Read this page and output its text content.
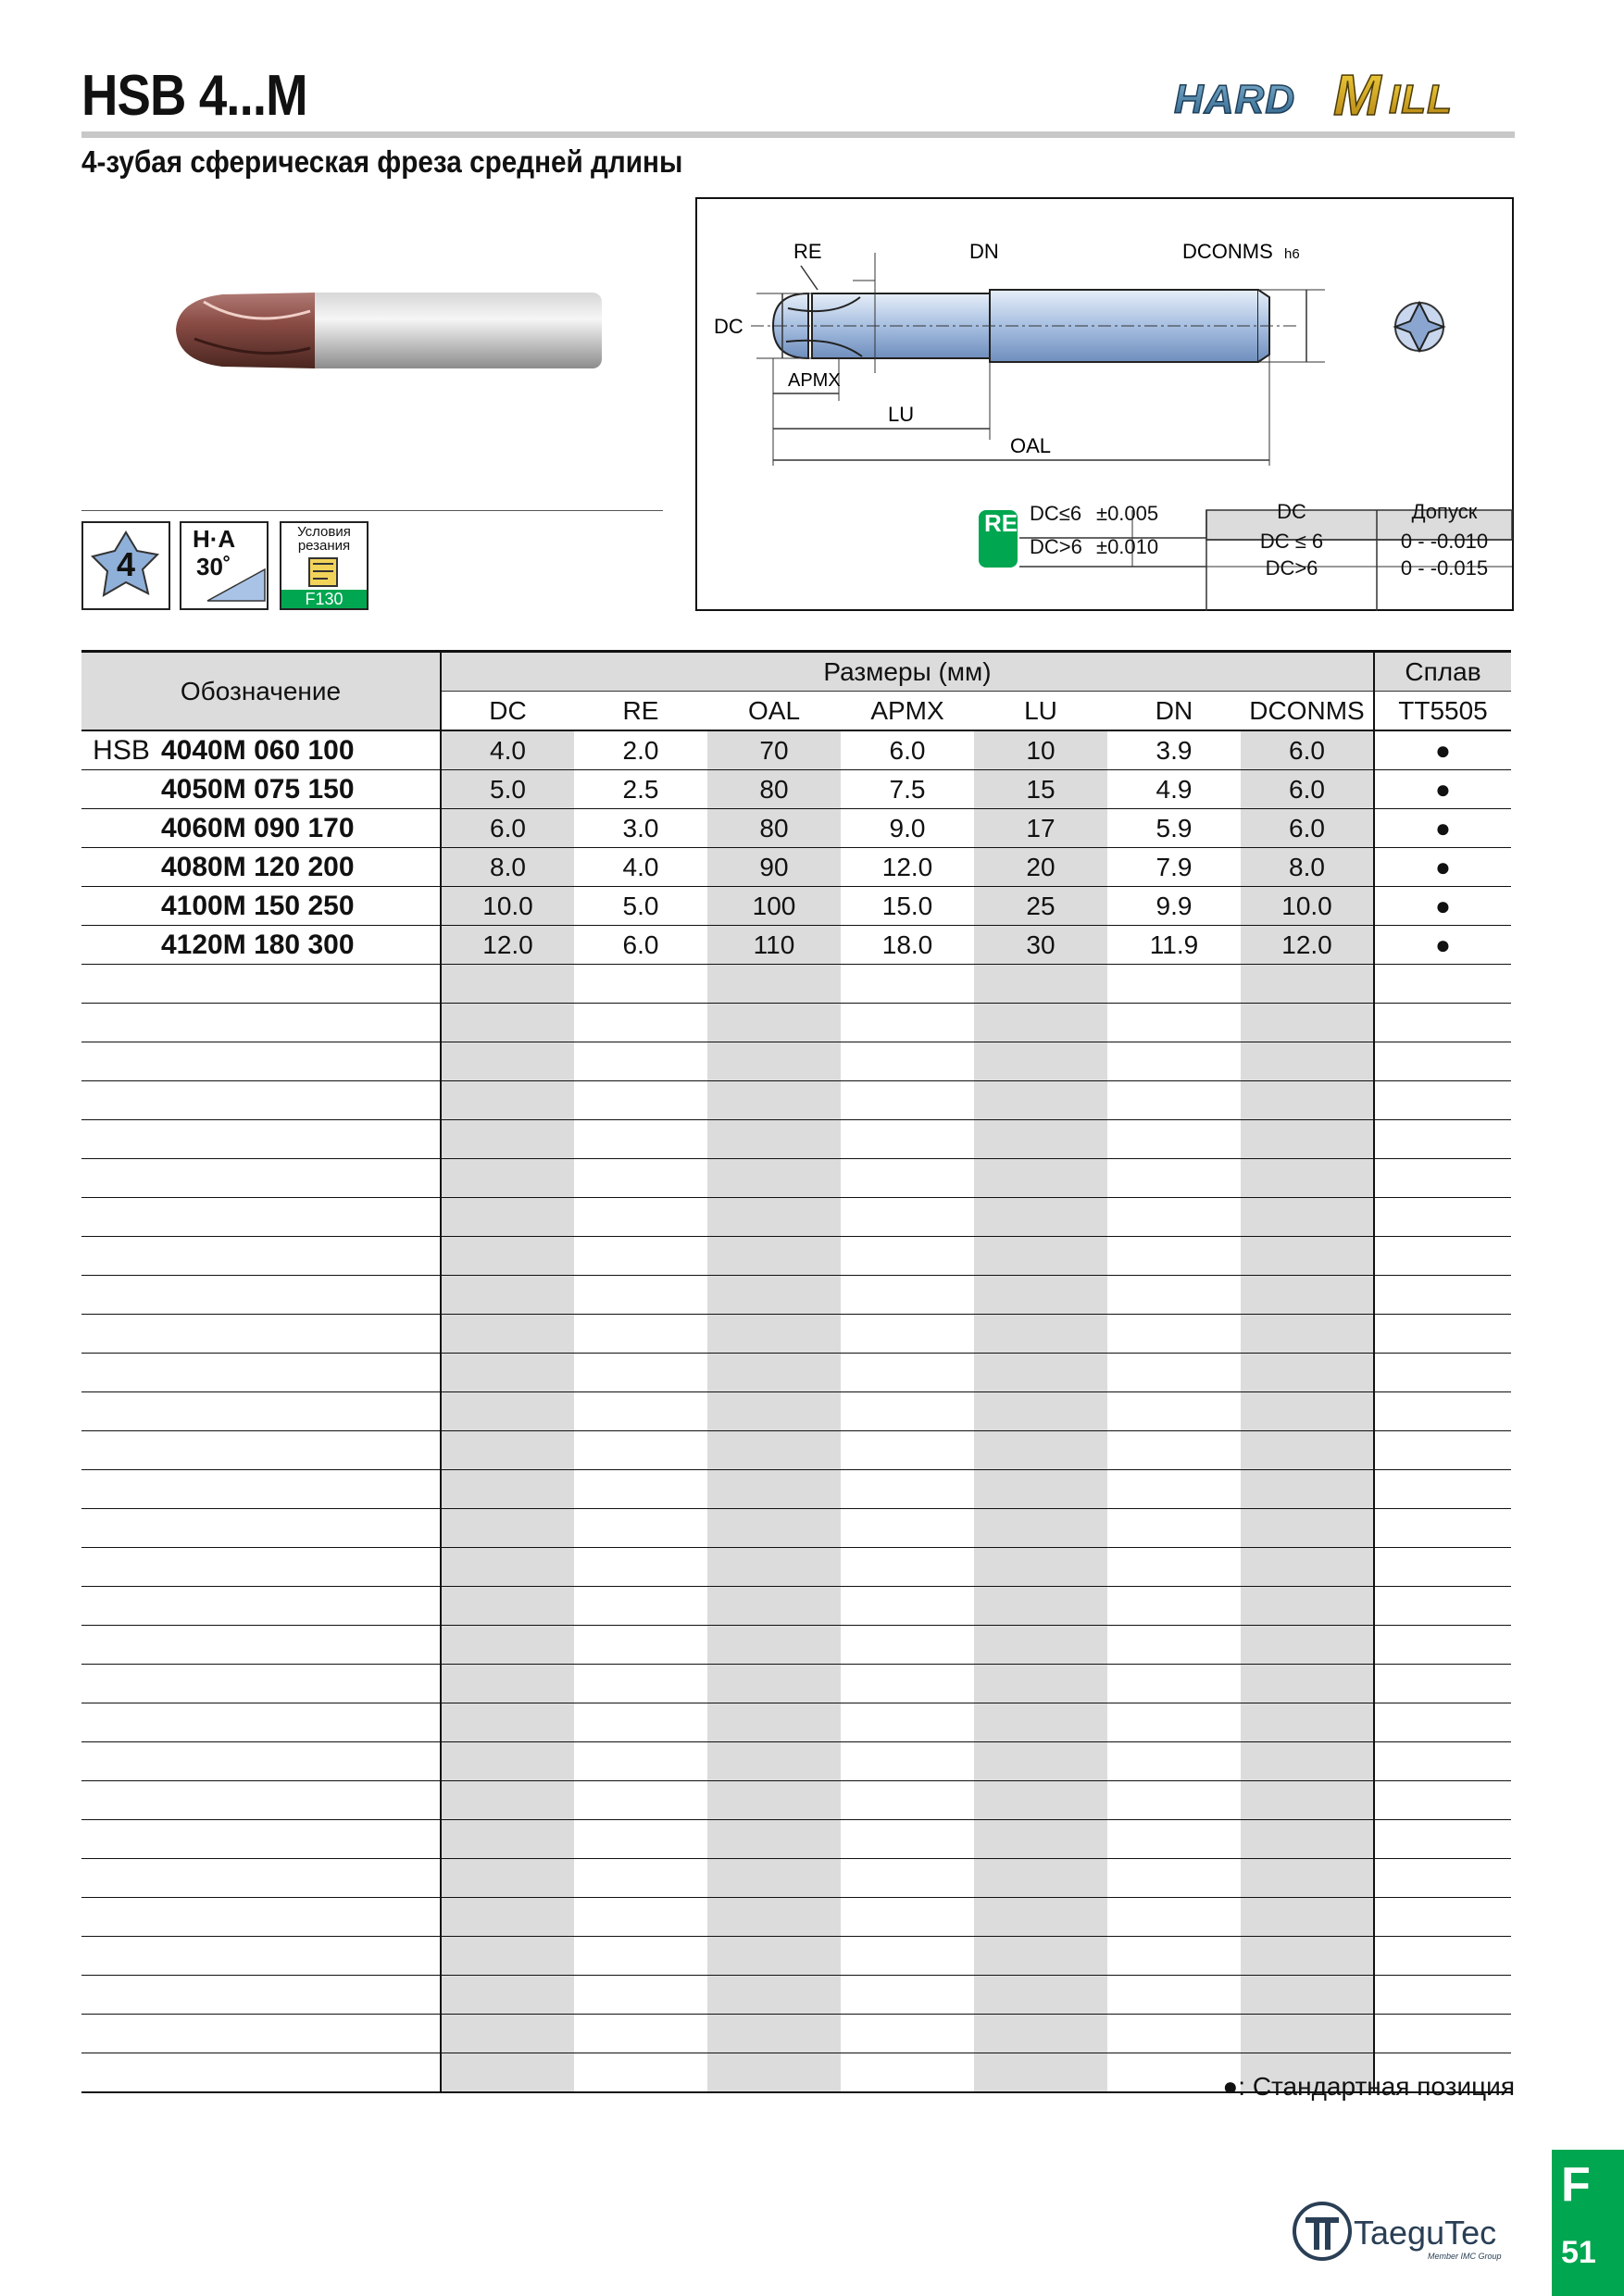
HSB 4...M
4-зубая сферическая фреза средней длины
HARD M ILL
4
H·A
30˚
Условия
резания
F130
RE	DN	DCONMS h6
DC
APMX
LU
OAL
RE DC≤6 ±0.005
DC>6 ±0.010
DC	Допуск
DC ≤ 6	0 - -0.010
DC>6	0 - -0.015
Обозначение		Размеры (мм)							Сплав
		DC	RE	OAL	APMX	LU	DN	DCONMS	TT5505
HSB	4040M 060 100	4.0	2.0	70	6.0	10	3.9	6.0	●
	4050M 075 150	5.0	2.5	80	7.5	15	4.9	6.0	●
	4060M 090 170	6.0	3.0	80	9.0	17	5.9	6.0	●
	4080M 120 200	8.0	4.0	90	12.0	20	7.9	8.0	●
	4100M 150 250	10.0	5.0	100	15.0	25	9.9	10.0	●
	4120M 180 300	12.0	6.0	110	18.0	30	11.9	12.0	●

●: Стандартная позиция
TaeguTec
Member IMC Group
F
51
